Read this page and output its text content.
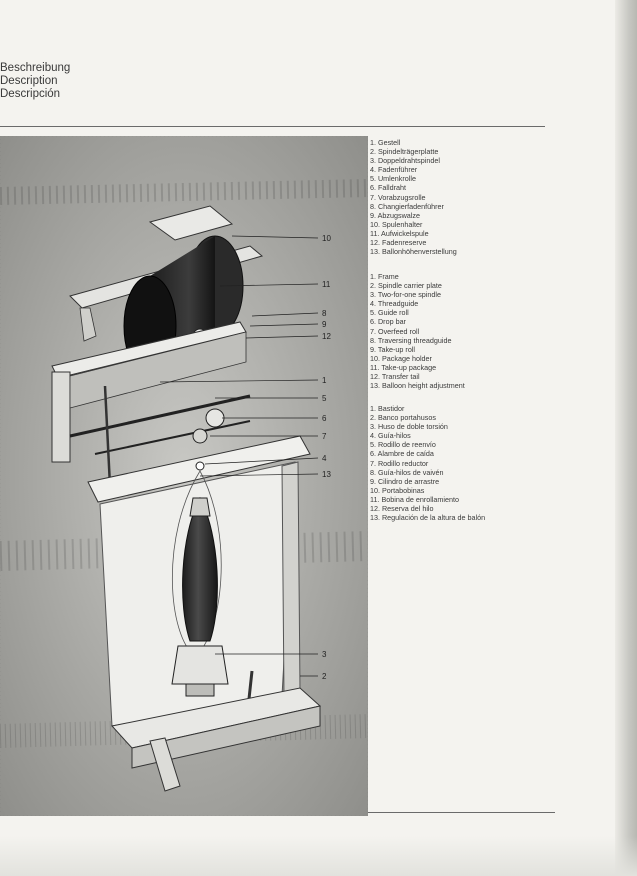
Beschreibung
Description
Descripción
10
11
8
9
12
1
5
6
7
4
13
3
2
1. Gestell
2. Spindelträgerplatte
3. Doppeldrahtspindel
4. Fadenführer
5. Umlenkrolle
6. Falldraht
7. Vorabzugsrolle
8. Changierfadenführer
9. Abzugswalze
10. Spulenhalter
11. Aufwickelspule
12. Fadenreserve
13. Ballonhöhenverstellung
1. Frame
2. Spindle carrier plate
3. Two-for-one spindle
4. Threadguide
5. Guide roll
6. Drop bar
7. Overfeed roll
8. Traversing threadguide
9. Take-up roll
10. Package holder
11. Take-up package
12. Transfer tail
13. Balloon height adjustment
1. Bastidor
2. Banco portahusos
3. Huso de doble torsión
4. Guía-hilos
5. Rodillo de reenvío
6. Alambre de caída
7. Rodillo reductor
8. Guía-hilos de vaivén
9. Cilindro de arrastre
10. Portabobinas
11. Bobina de enrollamiento
12. Reserva del hilo
13. Regulación de la altura de balón
